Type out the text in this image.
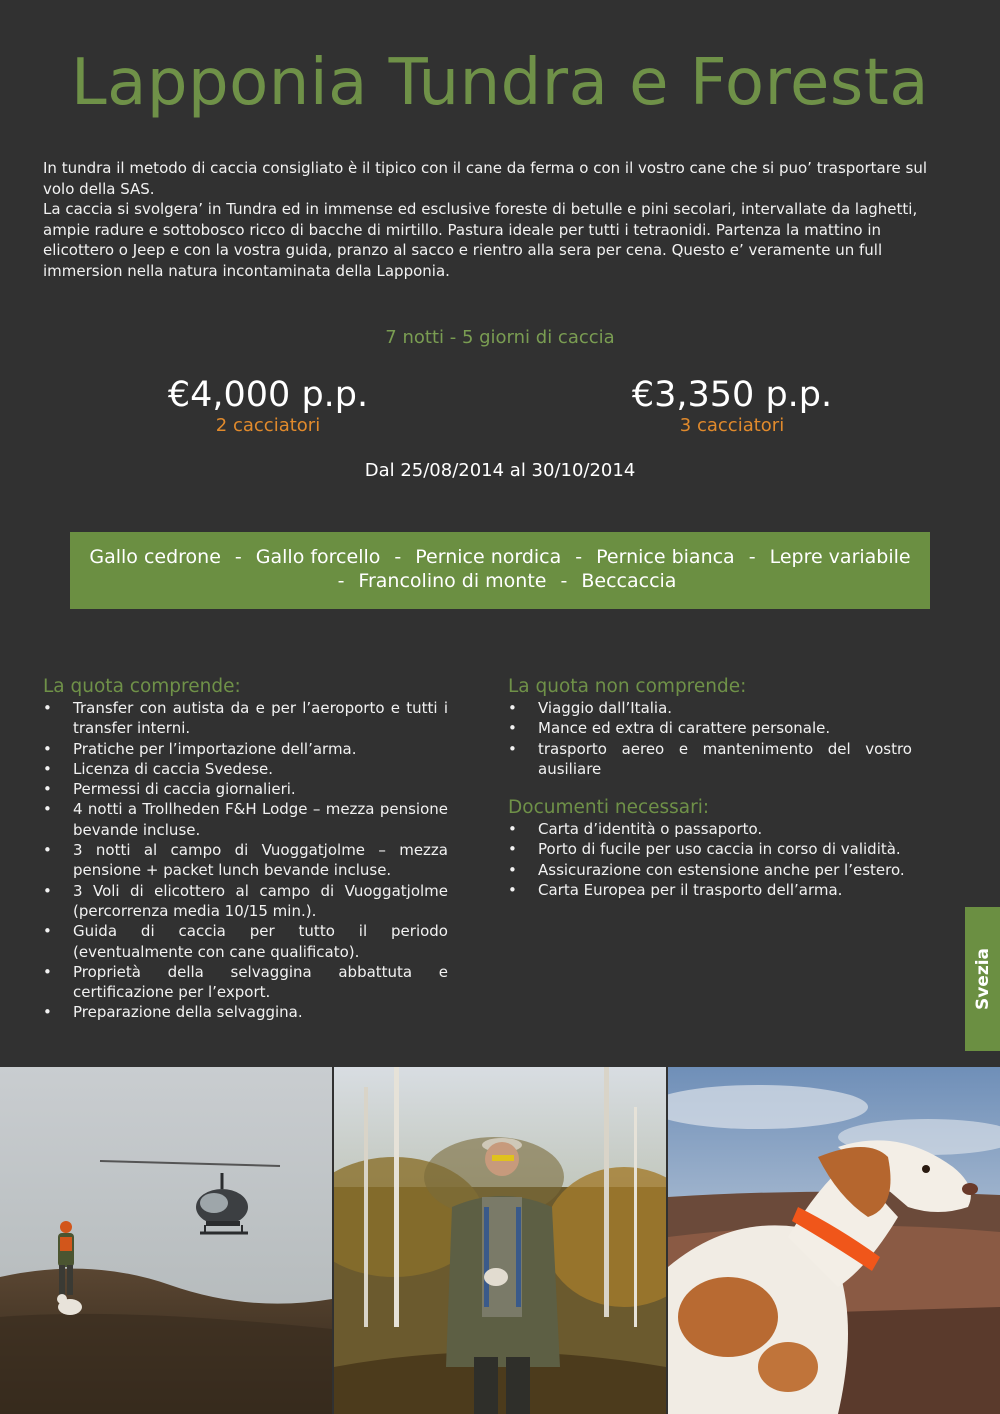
Lapponia Tundra e Foresta

In tundra il metodo di caccia consigliato è il tipico con il cane da ferma o con il vostro cane che si puo’ trasportare sul volo della SAS.

La caccia si svolgera’ in Tundra ed in immense ed esclusive foreste di betulle e pini secolari, intervallate da laghetti, ampie radure e sottobosco ricco di bacche di mirtillo. Pastura ideale per tutti i tetraonidi. Partenza la mattino in elicottero o Jeep e con la vostra guida, pranzo al sacco e rientro alla sera per cena. Questo e’ veramente un full immersion nella natura incontaminata della Lapponia.

7 notti - 5 giorni di caccia
€4,000 p.p.
2 cacciatori
€3,350 p.p.
3 cacciatori
Dal 25/08/2014 al 30/10/2014
Gallo cedrone - Gallo forcello - Pernice nordica - Pernice bianca - Lepre variabile
- Francolino di monte - Beccaccia
La quota comprende:
• Transfer con autista da e per l’aeroporto e tutti i transfer interni.
• Pratiche per l’importazione dell’arma.
• Licenza di caccia Svedese.
• Permessi di caccia giornalieri.
• 4 notti a Trollheden F&H Lodge – mezza pensione bevande incluse.
• 3 notti al campo di Vuoggatjolme – mezza pensione + packet lunch bevande incluse.
• 3 Voli di elicottero al campo di Vuoggatjolme (percorrenza media 10/15 min.).
• Guida di caccia per tutto il periodo (eventualmente con cane qualificato).
• Proprietà della selvaggina abbattuta e certificazione per l’export.
• Preparazione della selvaggina.
La quota non comprende:
• Viaggio dall’Italia.
• Mance ed extra di carattere personale.
• trasporto aereo e mantenimento del vostro ausiliare
Documenti necessari:
• Carta d’identità o passaporto.
• Porto di fucile per uso caccia in corso di validità.
• Assicurazione con estensione anche per l’estero.
• Carta Europea per il trasporto dell’arma.
Svezia
